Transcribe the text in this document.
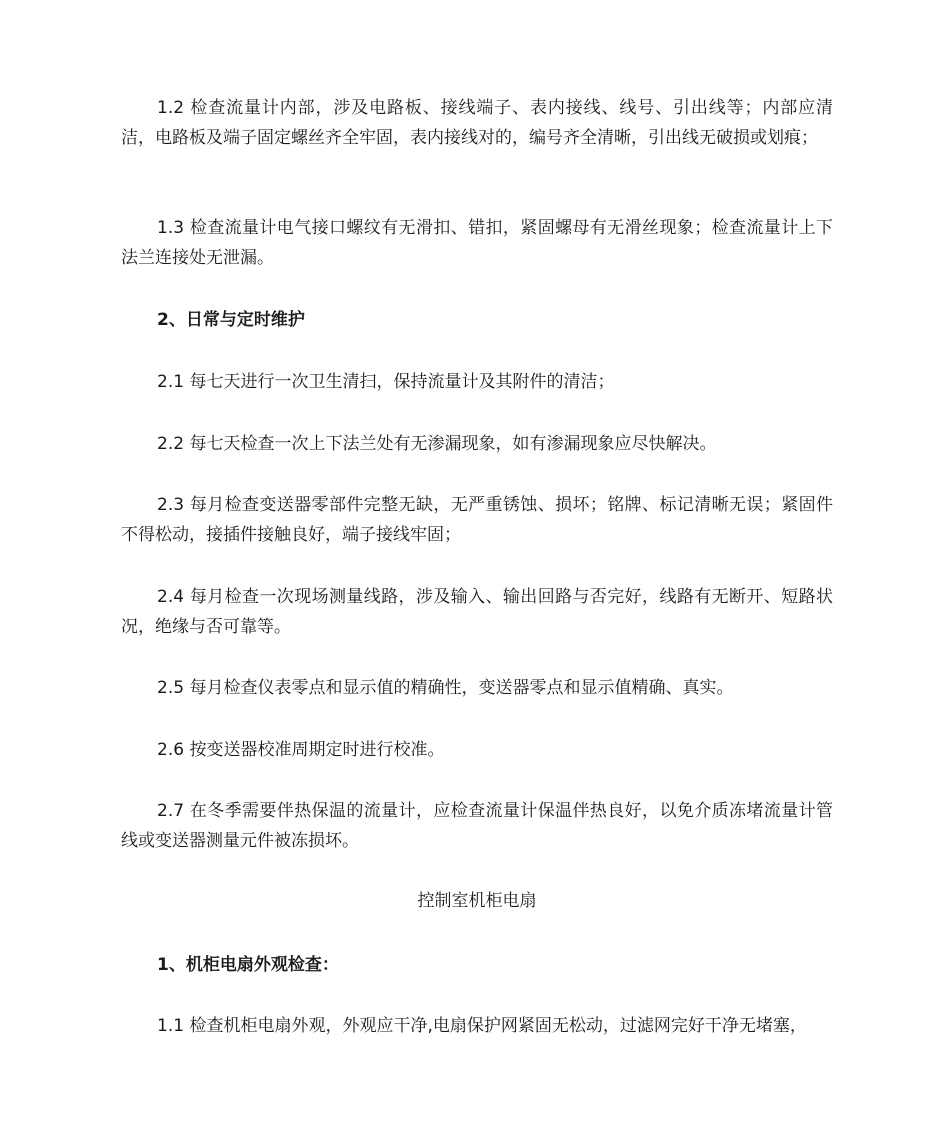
1.2 检查流量计内部，涉及电路板、接线端子、表内接线、线号、引出线等；内部应清洁，电路板及端子固定螺丝齐全牢固，表内接线对的，编号齐全清晰，引出线无破损或划痕；

1.3 检查流量计电气接口螺纹有无滑扣、错扣，紧固螺母有无滑丝现象；检查流量计上下法兰连接处无泄漏。

2、日常与定时维护

2.1 每七天进行一次卫生清扫，保持流量计及其附件的清洁；

2.2 每七天检查一次上下法兰处有无渗漏现象，如有渗漏现象应尽快解决。

2.3 每月检查变送器零部件完整无缺，无严重锈蚀、损坏；铭牌、标记清晰无误；紧固件不得松动，接插件接触良好，端子接线牢固；

2.4 每月检查一次现场测量线路，涉及输入、输出回路与否完好，线路有无断开、短路状况，绝缘与否可靠等。

2.5 每月检查仪表零点和显示值的精确性，变送器零点和显示值精确、真实。

2.6 按变送器校准周期定时进行校准。

2.7 在冬季需要伴热保温的流量计，应检查流量计保温伴热良好，以免介质冻堵流量计管线或变送器测量元件被冻损坏。

控制室机柜电扇

1、机柜电扇外观检查：

1.1 检查机柜电扇外观，外观应干净,电扇保护网紧固无松动，过滤网完好干净无堵塞，
